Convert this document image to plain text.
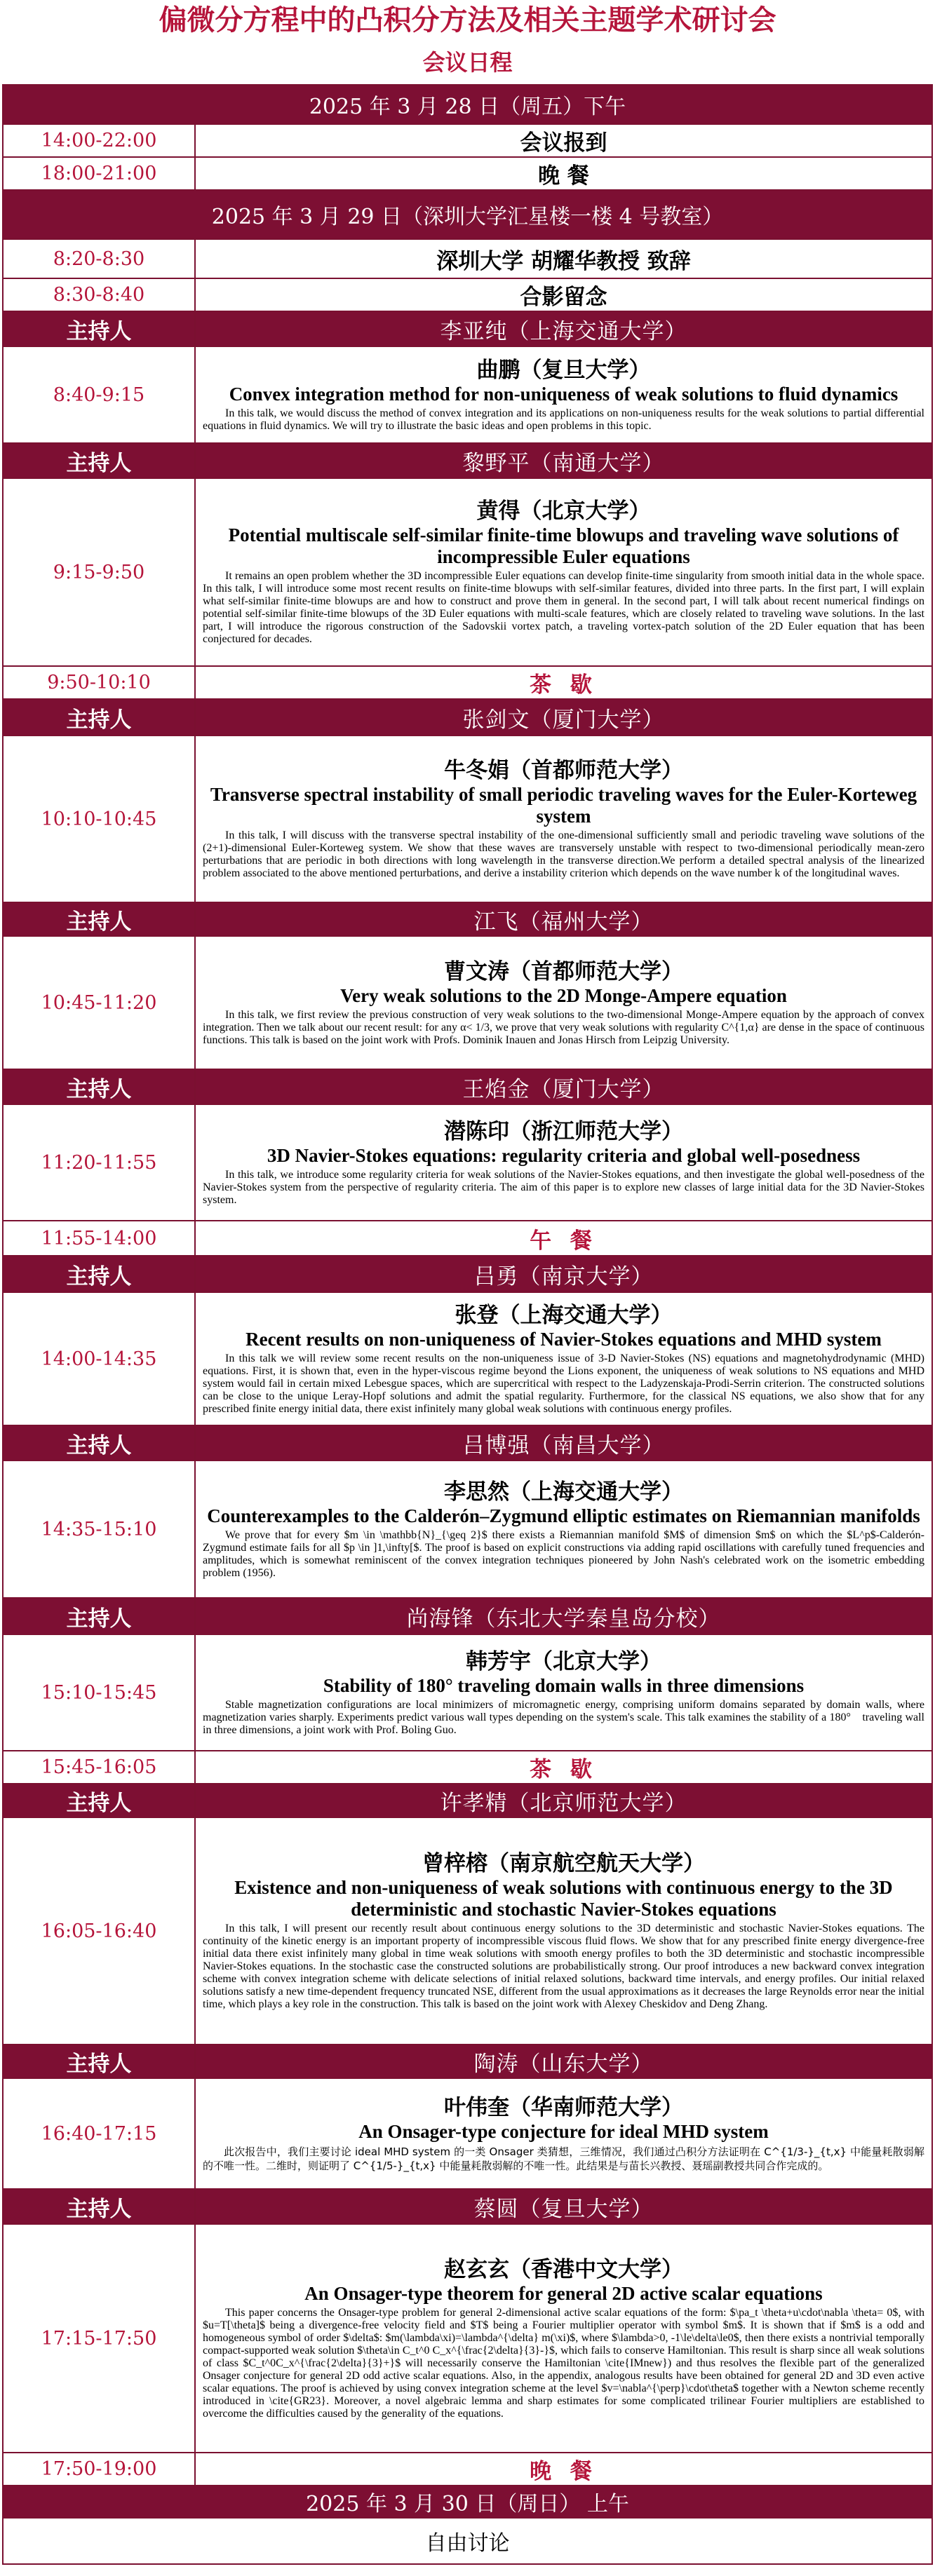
偏微分方程中的凸积分方法及相关主题学术研讨会
会议日程
2025 年 3 月 28 日（周五）下午	
14:00-22:00	会议报到
18:00-21:00	晚 餐
2025 年 3 月 29 日（深圳大学汇星楼一楼 4 号教室）	
8:20-8:30	深圳大学 胡耀华教授 致辞
8:30-8:40	合影留念
主持人	李亚纯（上海交通大学）
8:40-9:15	曲鹏（复旦大学）
Convex integration method for non-uniqueness of weak solutions to fluid dynamics
In this talk, we would discuss the method of convex integration and its applications on non-uniqueness results for the weak solutions to partial differential equations in fluid dynamics. We will try to illustrate the basic ideas and open problems in this topic.

主持人	黎野平（南通大学）
9:15-9:50	黄得（北京大学）
Potential multiscale self-similar finite-time blowups and traveling wave solutions of incompressible Euler equations
It remains an open problem whether the 3D incompressible Euler equations can develop finite-time singularity from smooth initial data in the whole space. In this talk, I will introduce some most recent results on finite-time blowups with self-similar features, divided into three parts. In the first part, I will explain what self-similar finite-time blowups are and how to construct and prove them in general. In the second part, I will talk about recent numerical findings on potential self-similar finite-time blowups of the 3D Euler equations with multi-scale features, which are closely related to traveling wave solutions. In the last part, I will introduce the rigorous construction of the Sadovskii vortex patch, a traveling vortex-patch solution of the 2D Euler equation that has been conjectured for decades.

9:50-10:10	茶 歇
主持人	张剑文（厦门大学）
10:10-10:45	牛冬娟（首都师范大学）
Transverse spectral instability of small periodic traveling waves for the Euler-Korteweg system
In this talk, I will discuss with the transverse spectral instability of the one-dimensional sufficiently small and periodic traveling wave solutions of the (2+1)-dimensional Euler-Korteweg system. We show that these waves are transversely unstable with respect to two-dimensional periodically mean-zero perturbations that are periodic in both directions with long wavelength in the transverse direction.We perform a detailed spectral analysis of the linearized problem associated to the above mentioned perturbations, and derive a instability criterion which depends on the wave number k of the longitudinal waves.

主持人	江飞（福州大学）
10:45-11:20	曹文涛（首都师范大学）
Very weak solutions to the 2D Monge-Ampere equation
In this talk, we first review the previous construction of very weak solutions to the two-dimensional Monge-Ampere equation by the approach of convex integration. Then we talk about our recent result: for any α< 1/3, we prove that very weak solutions with regularity C^{1,α} are dense in the space of continuous functions. This talk is based on the joint work with Profs. Dominik Inauen and Jonas Hirsch from Leipzig University.

主持人	王焰金（厦门大学）
11:20-11:55	潜陈印（浙江师范大学）
3D Navier-Stokes equations: regularity criteria and global well-posedness
In this talk, we introduce some regularity criteria for weak solutions of the Navier-Stokes equations, and then investigate the global well-posedness of the Navier-Stokes system from the perspective of regularity criteria. The aim of this paper is to explore new classes of large initial data for the 3D Navier-Stokes system.

11:55-14:00	午 餐
主持人	吕勇（南京大学）
14:00-14:35	张登（上海交通大学）
Recent results on non-uniqueness of Navier-Stokes equations and MHD system
In this talk we will review some recent results on the non-uniqueness issue of 3-D Navier-Stokes (NS) equations and magnetohydrodynamic (MHD) equations. First, it is shown that, even in the hyper-viscous regime beyond the Lions exponent, the uniqueness of weak solutions to NS equations and MHD system would fail in certain mixed Lebesgue spaces, which are supercritical with respect to the Ladyzenskaja-Prodi-Serrin criterion. The constructed solutions can be close to the unique Leray-Hopf solutions and admit the spatial regularity. Furthermore, for the classical NS equations, we also show that for any prescribed finite energy initial data, there exist infinitely many global weak solutions with continuous energy profiles.

主持人	吕博强（南昌大学）
14:35-15:10	李思然（上海交通大学）
Counterexamples to the Calderón–Zygmund elliptic estimates on Riemannian manifolds
We prove that for every $m \in \mathbb{N}_{\geq 2}$ there exists a Riemannian manifold $M$ of dimension $m$ on which the $L^p$-Calderón-Zygmund estimate fails for all $p \in ]1,\infty[$. The proof is based on explicit constructions via adding rapid oscillations with carefully tuned frequencies and amplitudes, which is somewhat reminiscent of the convex integration techniques pioneered by John Nash's celebrated work on the isometric embedding problem (1956).

主持人	尚海锋（东北大学秦皇岛分校）
15:10-15:45	韩芳宇（北京大学）
Stability of 180° traveling domain walls in three dimensions
Stable magnetization configurations are local minimizers of micromagnetic energy, comprising uniform domains separated by domain walls, where magnetization varies sharply. Experiments predict various wall types depending on the system's scale. This talk examines the stability of a 180°　traveling wall in three dimensions, a joint work with Prof. Boling Guo.

15:45-16:05	茶 歇
主持人	许孝精（北京师范大学）
16:05-16:40	曾梓榕（南京航空航天大学）
Existence and non-uniqueness of weak solutions with continuous energy to the 3D deterministic and stochastic Navier-Stokes equations
In this talk, I will present our recently result about continuous energy solutions to the 3D deterministic and stochastic Navier-Stokes equations. The continuity of the kinetic energy is an important property of incompressible viscous fluid flows. We show that for any prescribed finite energy divergence-free initial data there exist infinitely many global in time weak solutions with smooth energy profiles to both the 3D deterministic and stochastic incompressible Navier-Stokes equations. In the stochastic case the constructed solutions are probabilistically strong. Our proof introduces a new backward convex integration scheme with convex integration scheme with delicate selections of initial relaxed solutions, backward time intervals, and energy profiles. Our initial relaxed solutions satisfy a new time-dependent frequency truncated NSE, different from the usual approximations as it decreases the large Reynolds error near the initial time, which plays a key role in the construction. This talk is based on the joint work with Alexey Cheskidov and Deng Zhang.

主持人	陶涛（山东大学）
16:40-17:15	叶伟奎（华南师范大学）
An Onsager-type conjecture for ideal MHD system
此次报告中，我们主要讨论 ideal MHD system 的一类 Onsager 类猜想，三维情况，我们通过凸积分方法证明在 C^{1/3-}_{t,x} 中能量耗散弱解的不唯一性。二维时，则证明了 C^{1/5-}_{t,x} 中能量耗散弱解的不唯一性。此结果是与苗长兴教授、聂瑶副教授共同合作完成的。

主持人	蔡圆（复旦大学）
17:15-17:50	赵玄玄（香港中文大学）
An Onsager-type theorem for general 2D active scalar equations
This paper concerns the Onsager-type problem for general 2-dimensional active scalar equations of the form: $\pa_t \theta+u\cdot\nabla \theta= 0$, with $u=T[\theta]$ being a divergence-free velocity field and $T$ being a Fourier multiplier operator with symbol $m$. It is shown that if $m$ is a odd and homogeneous symbol of order $\delta$: $m(\lambda\xi)=\lambda^{\delta} m(\xi)$, where $\lambda>0, -1\le\delta\le0$, then there exists a nontrivial temporally compact-supported weak solution $\theta\in C_t^0 C_x^{\frac{2\delta}{3}-}$, which fails to conserve Hamiltonian. This result is sharp since all weak solutions of class $C_t^0C_x^{\frac{2\delta}{3}+}$ will necessarily conserve the Hamiltonian \cite{IMnew}) and thus resolves the flexible part of the generalized Onsager conjecture for general 2D odd active scalar equations. Also, in the appendix, analogous results have been obtained for general 2D and 3D even active scalar equations. The proof is achieved by using convex integration scheme at the level $v=\nabla^{\perp}\cdot\theta$ together with a Newton scheme recently introduced in \cite{GR23}. Moreover, a novel algebraic lemma and sharp estimates for some complicated trilinear Fourier multipliers are established to overcome the difficulties caused by the generality of the equations.

17:50-19:00	晚 餐
2025 年 3 月 30 日（周日） 上午	
自由讨论	
